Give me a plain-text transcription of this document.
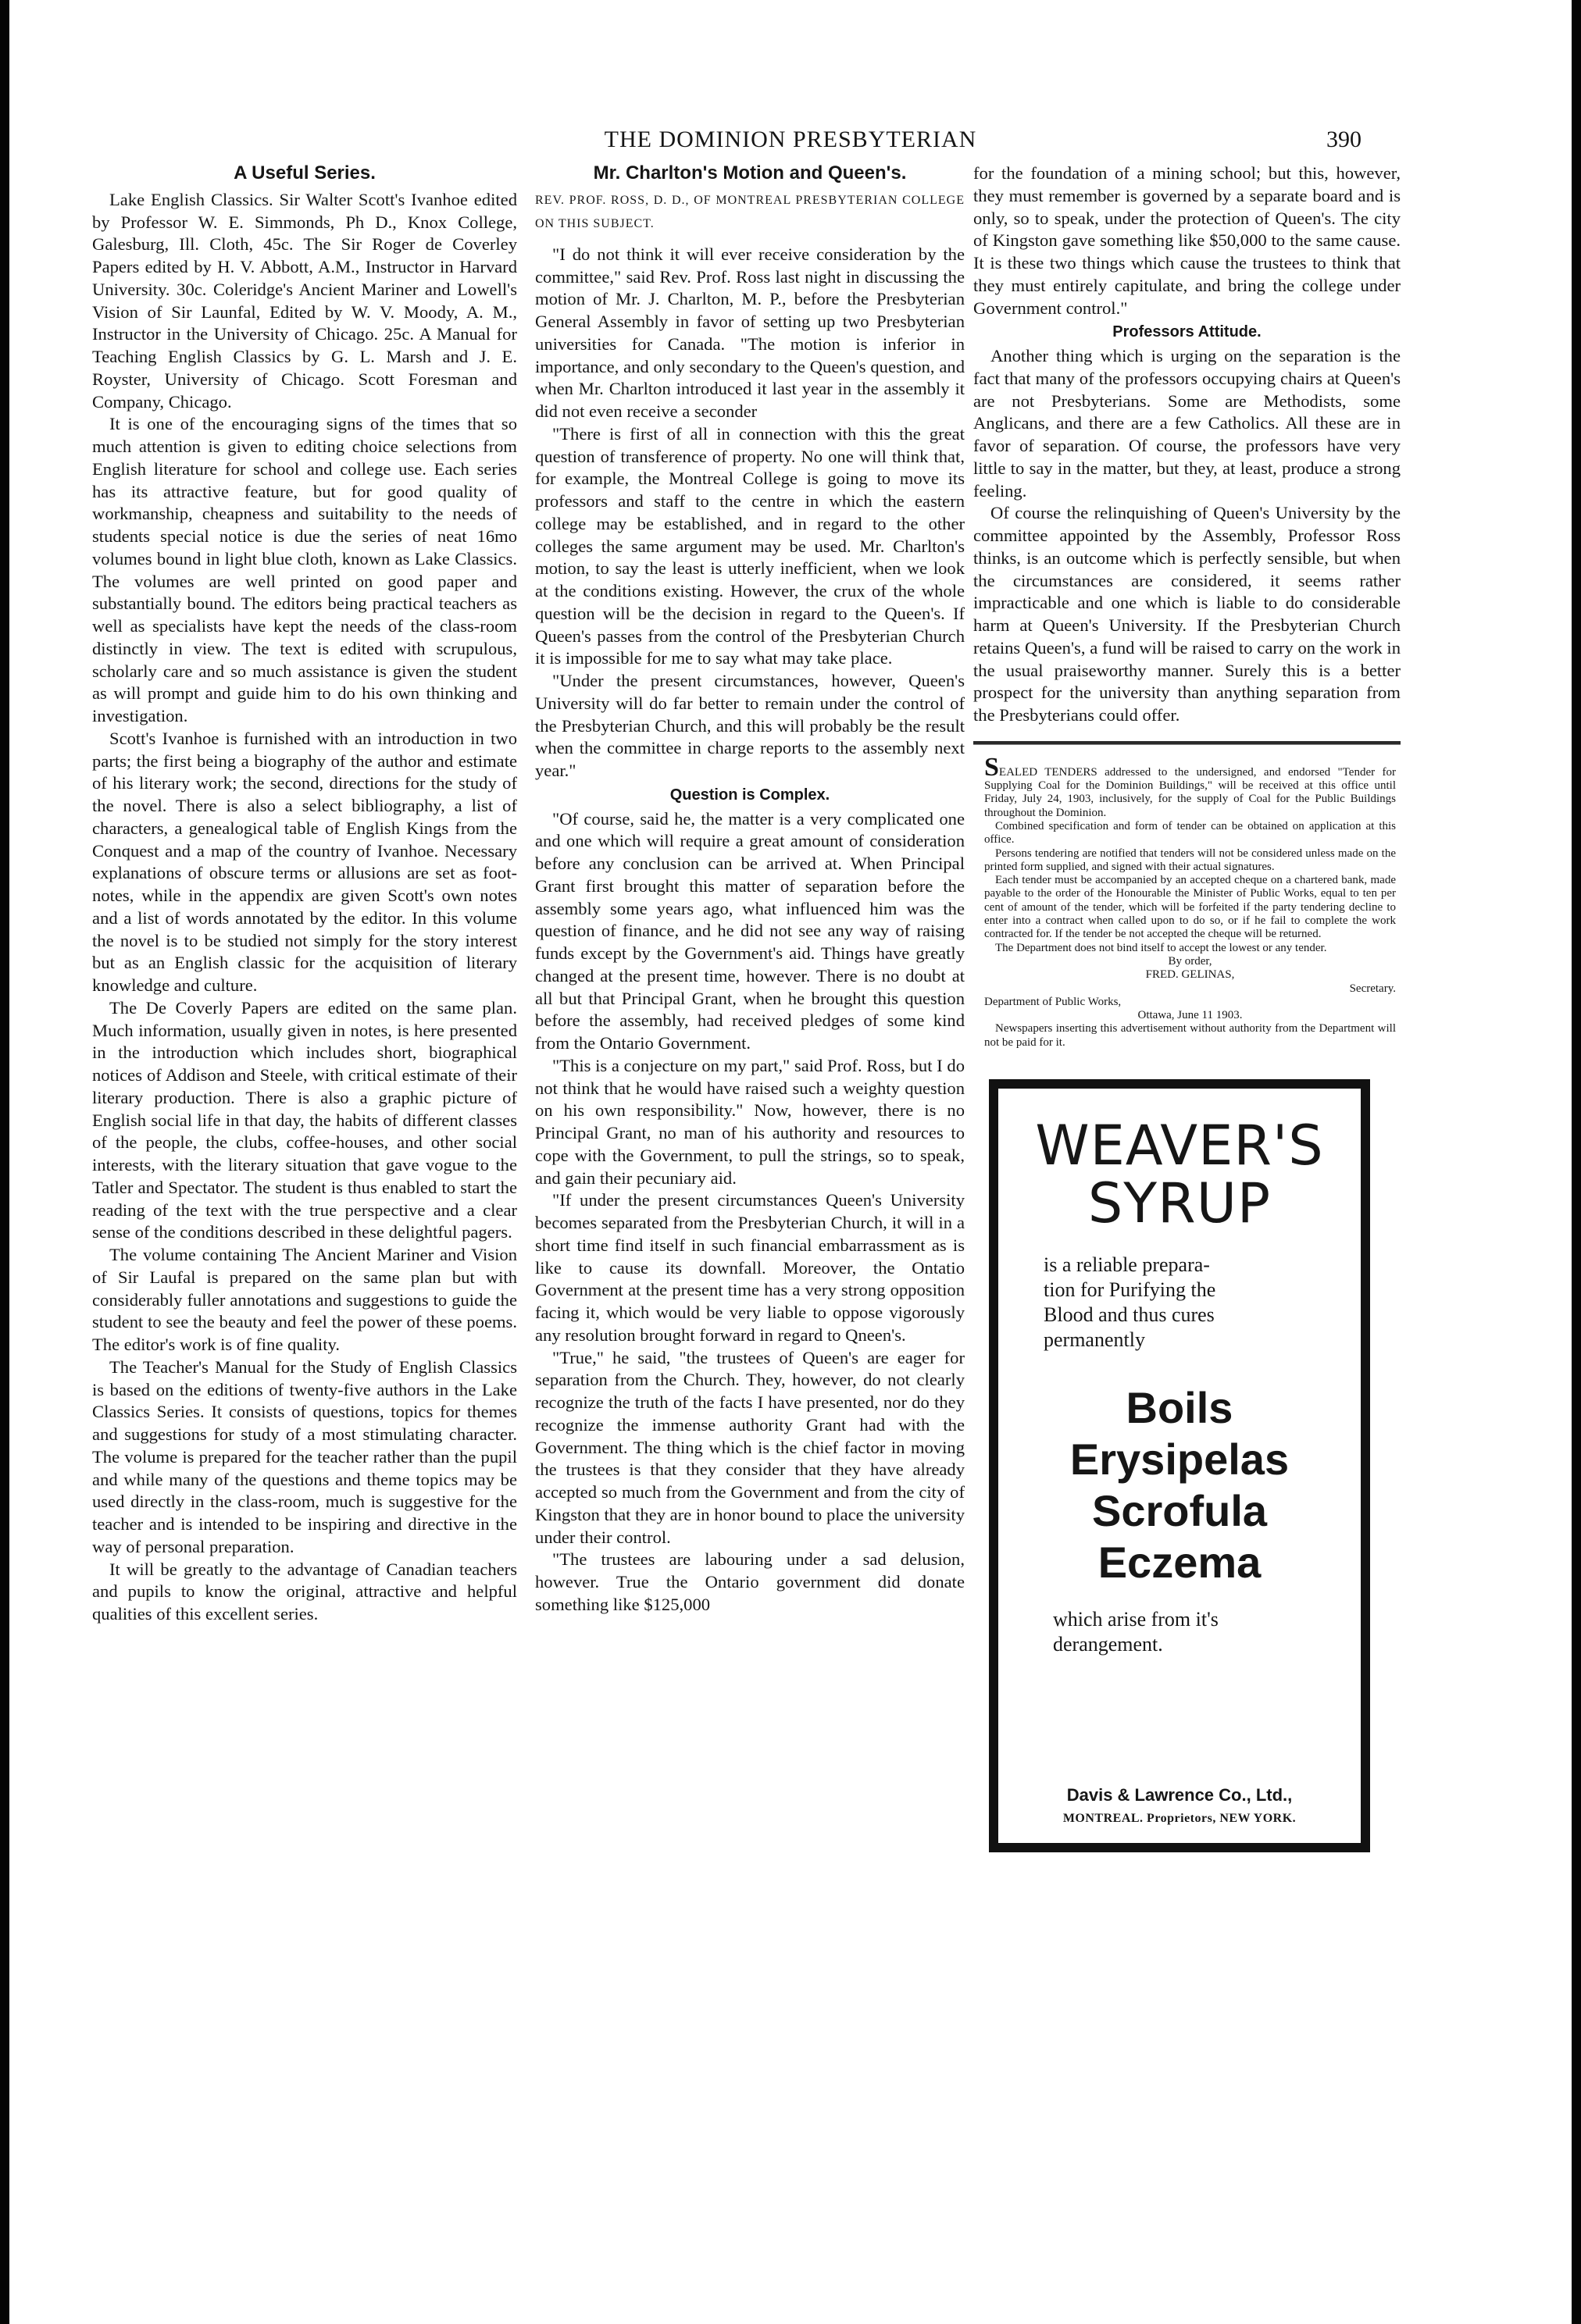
THE DOMINION PRESBYTERIAN	390
A Useful Series.

Lake English Classics. Sir Walter Scott's Ivanhoe edited by Professor W. E. Simmonds, Ph D., Knox College, Galesburg, Ill. Cloth, 45c. The Sir Roger de Coverley Papers edited by H. V. Abbott, A.M., Instructor in Harvard University. 30c. Coleridge's Ancient Mariner and Lowell's Vision of Sir Launfal, Edited by W. V. Moody, A. M., Instructor in the University of Chicago. 25c. A Manual for Teaching English Classics by G. L. Marsh and J. E. Royster, University of Chicago. Scott Foresman and Company, Chicago.

It is one of the encouraging signs of the times that so much attention is given to editing choice selections from English literature for school and college use. Each series has its attractive feature, but for good quality of workmanship, cheapness and suitability to the needs of students special notice is due the series of neat 16mo volumes bound in light blue cloth, known as Lake Classics. The volumes are well printed on good paper and substantially bound. The editors being practical teachers as well as specialists have kept the needs of the class-room distinctly in view. The text is edited with scrupulous, scholarly care and so much assistance is given the student as will prompt and guide him to do his own thinking and investigation.

Scott's Ivanhoe is furnished with an introduction in two parts; the first being a biography of the author and estimate of his literary work; the second, directions for the study of the novel. There is also a select bibliography, a list of characters, a genealogical table of English Kings from the Conquest and a map of the country of Ivanhoe. Necessary explanations of obscure terms or allusions are set as foot-notes, while in the appendix are given Scott's own notes and a list of words annotated by the editor. In this volume the novel is to be studied not simply for the story interest but as an English classic for the acquisition of literary knowledge and culture.

The De Coverly Papers are edited on the same plan. Much information, usually given in notes, is here presented in the introduction which includes short, biographical notices of Addison and Steele, with critical estimate of their literary production. There is also a graphic picture of English social life in that day, the habits of different classes of the people, the clubs, coffee-houses, and other social interests, with the literary situation that gave vogue to the Tatler and Spectator. The student is thus enabled to start the reading of the text with the true perspective and a clear sense of the conditions described in these delightful pagers.

The volume containing The Ancient Mariner and Vision of Sir Laufal is prepared on the same plan but with considerably fuller annotations and suggestions to guide the student to see the beauty and feel the power of these poems. The editor's work is of fine quality.

The Teacher's Manual for the Study of English Classics is based on the editions of twenty-five authors in the Lake Classics Series. It consists of questions, topics for themes and suggestions for study of a most stimulating character. The volume is prepared for the teacher rather than the pupil and while many of the questions and theme topics may be used directly in the class-room, much is suggestive for the teacher and is intended to be inspiring and directive in the way of personal preparation.

It will be greatly to the advantage of Canadian teachers and pupils to know the original, attractive and helpful qualities of this excellent series.

Mr. Charlton's Motion and Queen's.
REV. PROF. ROSS, D. D., OF MONTREAL PRESBYTERIAN COLLEGE ON THIS SUBJECT.

"I do not think it will ever receive consideration by the committee," said Rev. Prof. Ross last night in discussing the motion of Mr. J. Charlton, M. P., before the Presbyterian General Assembly in favor of setting up two Presbyterian universities for Canada. "The motion is inferior in importance, and only secondary to the Queen's question, and when Mr. Charlton introduced it last year in the assembly it did not even receive a seconder

"There is first of all in connection with this the great question of transference of property. No one will think that, for example, the Montreal College is going to move its professors and staff to the centre in which the eastern college may be established, and in regard to the other colleges the same argument may be used. Mr. Charlton's motion, to say the least is utterly inefficient, when we look at the conditions existing. However, the crux of the whole question will be the decision in regard to the Queen's. If Queen's passes from the control of the Presbyterian Church it is impossible for me to say what may take place.

"Under the present circumstances, however, Queen's University will do far better to remain under the control of the Presbyterian Church, and this will probably be the result when the committee in charge reports to the assembly next year."

Question is Complex.

"Of course, said he, the matter is a very complicated one and one which will require a great amount of consideration before any conclusion can be arrived at. When Principal Grant first brought this matter of separation before the assembly some years ago, what influenced him was the question of finance, and he did not see any way of raising funds except by the Government's aid. Things have greatly changed at the present time, however. There is no doubt at all but that Principal Grant, when he brought this question before the assembly, had received pledges of some kind from the Ontario Government.

"This is a conjecture on my part," said Prof. Ross, but I do not think that he would have raised such a weighty question on his own responsibility." Now, however, there is no Principal Grant, no man of his authority and resources to cope with the Government, to pull the strings, so to speak, and gain their pecuniary aid.

"If under the present circumstances Queen's University becomes separated from the Presbyterian Church, it will in a short time find itself in such financial embarrassment as is like to cause its downfall. Moreover, the Ontatio Government at the present time has a very strong opposition facing it, which would be very liable to oppose vigorously any resolution brought forward in regard to Qneen's.

"True," he said, "the trustees of Queen's are eager for separation from the Church. They, however, do not clearly recognize the truth of the facts I have presented, nor do they recognize the immense authority Grant had with the Government. The thing which is the chief factor in moving the trustees is that they consider that they have already accepted so much from the Government and from the city of Kingston that they are in honor bound to place the university under their control.

"The trustees are labouring under a sad delusion, however. True the Ontario government did donate something like $125,000

for the foundation of a mining school; but this, however, they must remember is governed by a separate board and is only, so to speak, under the protection of Queen's. The city of Kingston gave something like $50,000 to the same cause. It is these two things which cause the trustees to think that they must entirely capitulate, and bring the college under Government control."

Professors Attitude.

Another thing which is urging on the separation is the fact that many of the professors occupying chairs at Queen's are not Presbyterians. Some are Methodists, some Anglicans, and there are a few Catholics. All these are in favor of separation. Of course, the professors have very little to say in the matter, but they, at least, produce a strong feeling.

Of course the relinquishing of Queen's University by the committee appointed by the Assembly, Professor Ross thinks, is an outcome which is perfectly sensible, but when the circumstances are considered, it seems rather impracticable and one which is liable to do considerable harm at Queen's University. If the Presbyterian Church retains Queen's, a fund will be raised to carry on the work in the usual praiseworthy manner. Surely this is a better prospect for the university than anything separation from the Presbyterians could offer.

SEALED TENDERS addressed to the undersigned, and endorsed "Tender for Supplying Coal for the Dominion Buildings," will be received at this office until Friday, July 24, 1903, inclusively, for the supply of Coal for the Public Buildings throughout the Dominion.

Combined specification and form of tender can be obtained on application at this office.

Persons tendering are notified that tenders will not be considered unless made on the printed form supplied, and signed with their actual signatures.

Each tender must be accompanied by an accepted cheque on a chartered bank, made payable to the order of the Honourable the Minister of Public Works, equal to ten per cent of amount of the tender, which will be forfeited if the party tendering decline to enter into a contract when called upon to do so, or if he fail to complete the work contracted for. If the tender be not accepted the cheque will be returned.

The Department does not bind itself to accept the lowest or any tender.

By order,
FRED. GELINAS,
Secretary.
Department of Public Works,
Ottawa, June 11 1903.

Newspapers inserting this advertisement without authority from the Department will not be paid for it.

WEAVER'S
SYRUP
is a reliable prepara-
tion for Purifying the
Blood and thus cures
permanently
Boils
Erysipelas
Scrofula
Eczema
which arise from it's
derangement.
Davis & Lawrence Co., Ltd.,
MONTREAL. Proprietors, NEW YORK.
